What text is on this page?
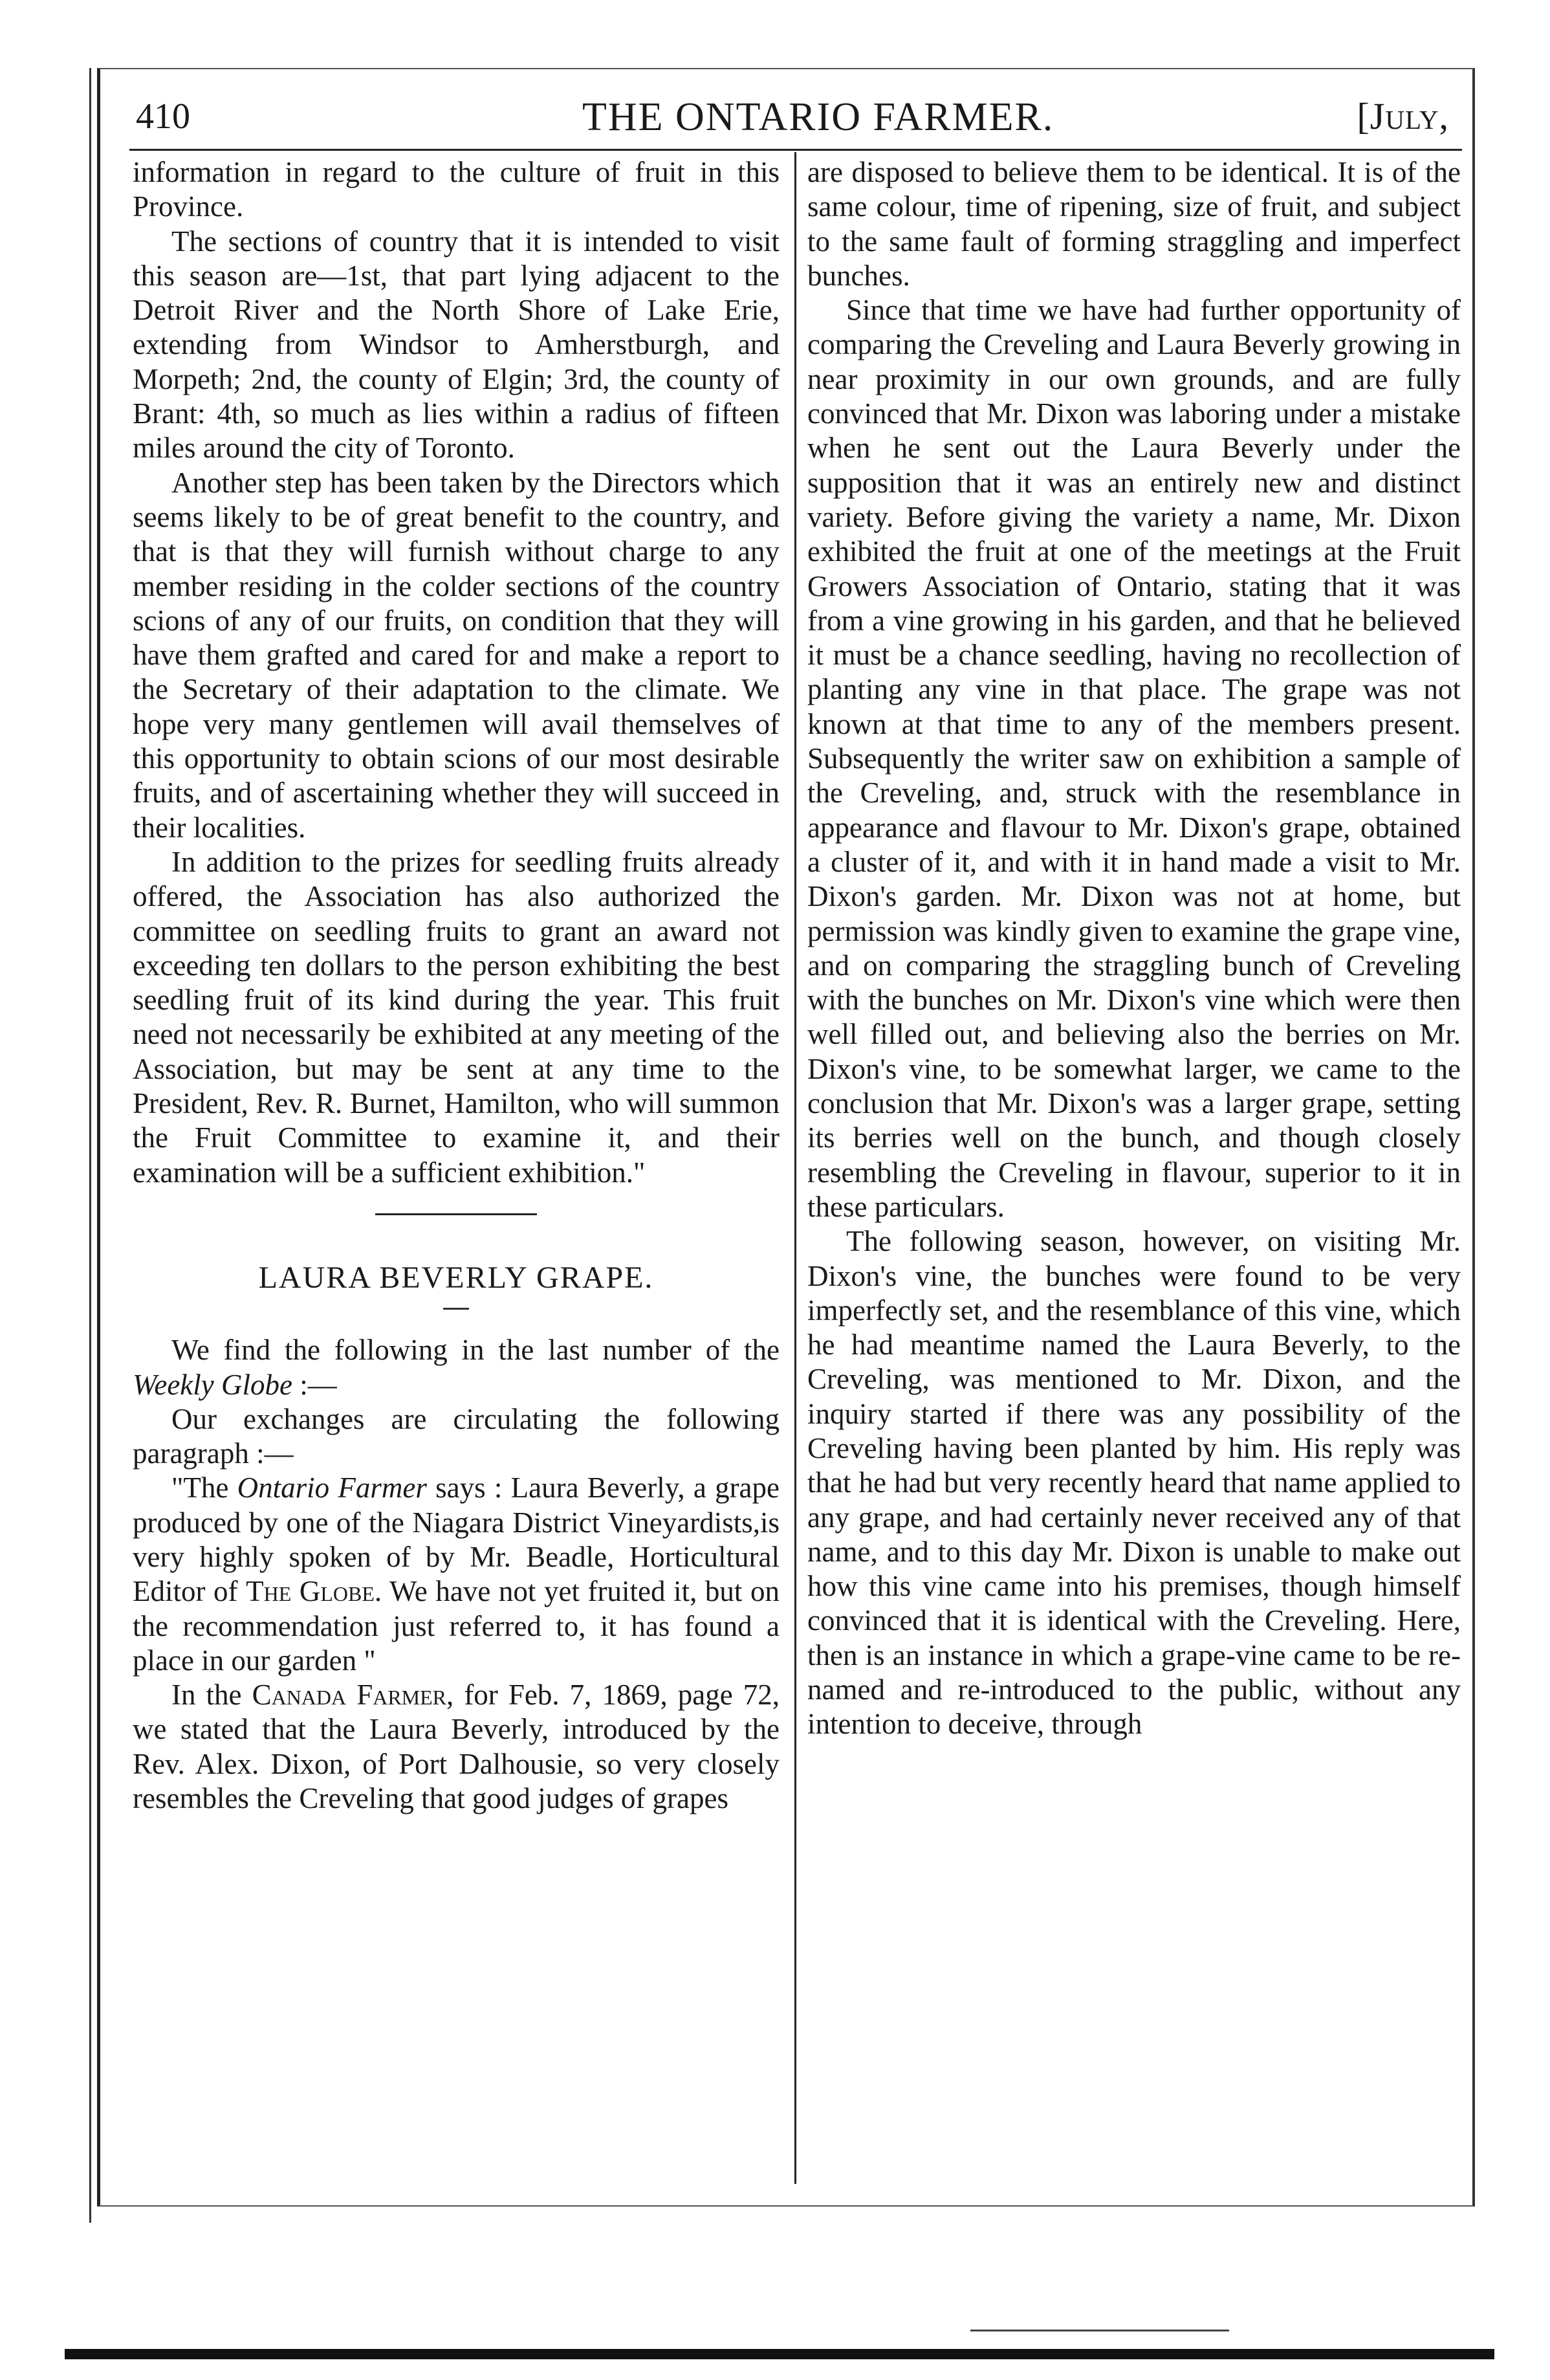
410	THE ONTARIO FARMER.	[July,

information in regard to the culture of fruit in this Province.

The sections of country that it is intended to visit this season are—1st, that part lying adjacent to the Detroit River and the North Shore of Lake Erie, extending from Windsor to Amherstburgh, and Morpeth; 2nd, the county of Elgin; 3rd, the county of Brant: 4th, so much as lies within a radius of fifteen miles around the city of Toronto.

Another step has been taken by the Directors which seems likely to be of great benefit to the country, and that is that they will furnish without charge to any member residing in the colder sections of the country scions of any of our fruits, on condition that they will have them grafted and cared for and make a report to the Secretary of their adaptation to the climate. We hope very many gentlemen will avail themselves of this opportunity to obtain scions of our most desirable fruits, and of ascertaining whether they will succeed in their localities.

In addition to the prizes for seedling fruits already offered, the Association has also authorized the committee on seedling fruits to grant an award not exceeding ten dollars to the person exhibiting the best seedling fruit of its kind during the year. This fruit need not necessarily be exhibited at any meeting of the Association, but may be sent at any time to the President, Rev. R. Burnet, Hamilton, who will summon the Fruit Committee to examine it, and their examination will be a sufficient exhibition."

LAURA BEVERLY GRAPE.

We find the following in the last number of the Weekly Globe :—

Our exchanges are circulating the following paragraph :—

"The Ontario Farmer says : Laura Beverly, a grape produced by one of the Niagara District Vineyardists,is very highly spoken of by Mr. Beadle, Horticultural Editor of The Globe. We have not yet fruited it, but on the recommendation just referred to, it has found a place in our garden "

In the Canada Farmer, for Feb. 7, 1869, page 72, we stated that the Laura Beverly, introduced by the Rev. Alex. Dixon, of Port Dalhousie, so very closely resembles the Creveling that good judges of grapes

are disposed to believe them to be identical. It is of the same colour, time of ripening, size of fruit, and subject to the same fault of forming straggling and imperfect bunches.

Since that time we have had further opportunity of comparing the Creveling and Laura Beverly growing in near proximity in our own grounds, and are fully convinced that Mr. Dixon was laboring under a mistake when he sent out the Laura Beverly under the supposition that it was an entirely new and distinct variety. Before giving the variety a name, Mr. Dixon exhibited the fruit at one of the meetings at the Fruit Growers Association of Ontario, stating that it was from a vine growing in his garden, and that he believed it must be a chance seedling, having no recollection of planting any vine in that place. The grape was not known at that time to any of the members present. Subsequently the writer saw on exhibition a sample of the Creveling, and, struck with the resemblance in appearance and flavour to Mr. Dixon's grape, obtained a cluster of it, and with it in hand made a visit to Mr. Dixon's garden. Mr. Dixon was not at home, but permission was kindly given to examine the grape vine, and on comparing the straggling bunch of Creveling with the bunches on Mr. Dixon's vine which were then well filled out, and believing also the berries on Mr. Dixon's vine, to be somewhat larger, we came to the conclusion that Mr. Dixon's was a larger grape, setting its berries well on the bunch, and though closely resembling the Creveling in flavour, superior to it in these particulars.

The following season, however, on visiting Mr. Dixon's vine, the bunches were found to be very imperfectly set, and the resemblance of this vine, which he had meantime named the Laura Beverly, to the Creveling, was mentioned to Mr. Dixon, and the inquiry started if there was any possibility of the Creveling having been planted by him. His reply was that he had but very recently heard that name applied to any grape, and had certainly never received any of that name, and to this day Mr. Dixon is unable to make out how this vine came into his premises, though himself convinced that it is identical with the Creveling. Here, then is an instance in which a grape-vine came to be re-named and re-introduced to the public, without any intention to deceive, through
